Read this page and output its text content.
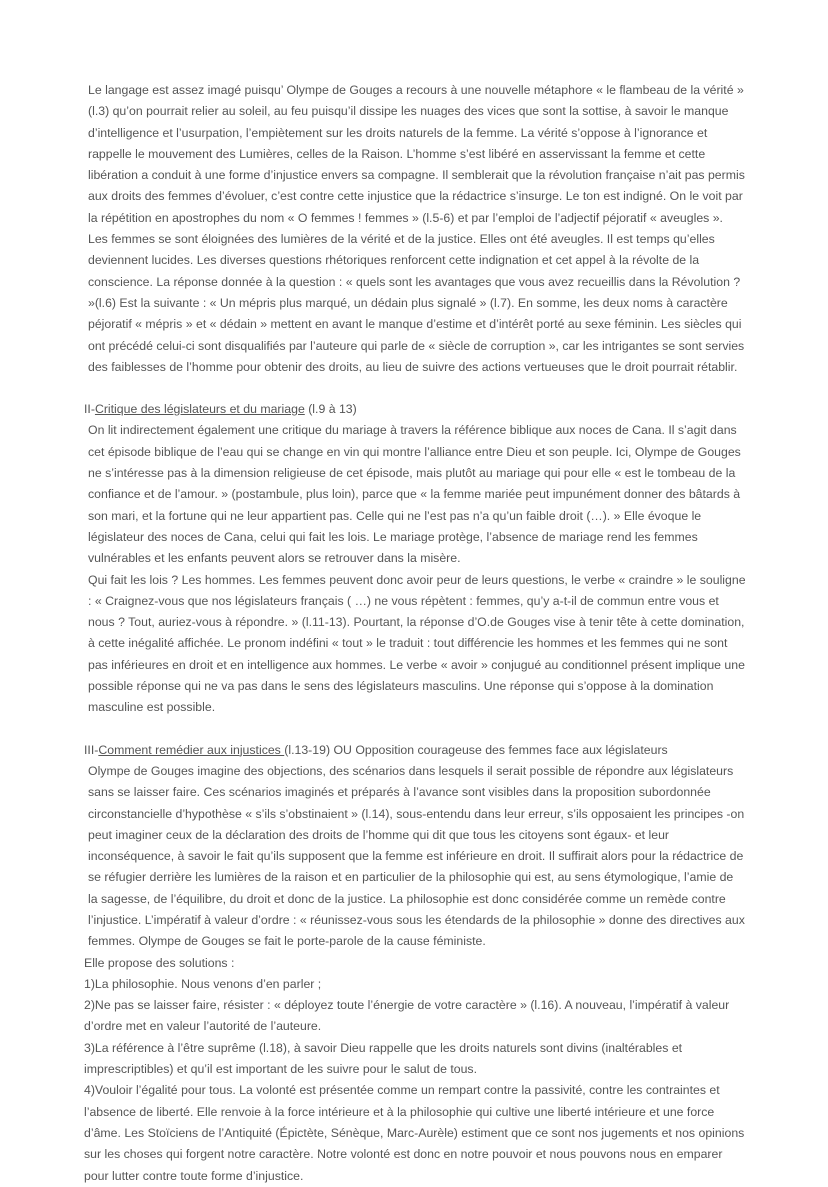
Le langage est assez imagé puisqu’ Olympe de Gouges a recours à une nouvelle métaphore « le flambeau de la vérité » (l.3) qu’on pourrait relier au soleil, au feu puisqu’il dissipe les nuages des vices que sont la sottise, à savoir le manque d’intelligence et l’usurpation, l’empiètement sur les droits naturels de la femme. La vérité s’oppose à l’ignorance et rappelle le mouvement des Lumières, celles de la Raison. L’homme s’est libéré en asservissant la femme et cette libération a conduit à une forme d’injustice envers sa compagne. Il semblerait que la révolution française n’ait pas permis aux droits des femmes d’évoluer, c’est contre cette injustice que la rédactrice s’insurge. Le ton est indigné. On le voit par la répétition en apostrophes du nom « O femmes ! femmes » (l.5-6) et par l’emploi de l’adjectif péjoratif « aveugles ». Les femmes se sont éloignées des lumières de la vérité et de la justice. Elles ont été aveugles. Il est temps qu’elles deviennent lucides. Les diverses questions rhétoriques renforcent cette indignation et cet appel à la révolte de la conscience. La réponse donnée à la question : « quels sont les avantages que vous avez recueillis dans la Révolution ? »(l.6) Est la suivante : « Un mépris plus marqué, un dédain plus signalé » (l.7). En somme, les deux noms à caractère péjoratif « mépris » et « dédain » mettent en avant le manque d’estime et d’intérêt porté au sexe féminin. Les siècles qui ont précédé celui-ci sont disqualifiés par l’auteure qui parle de « siècle de corruption », car les intrigantes se sont servies des faiblesses de l’homme pour obtenir des droits, au lieu de suivre des actions vertueuses que le droit pourrait rétablir.

II-Critique des législateurs et du mariage (l.9 à 13)

On lit indirectement également une critique du mariage à travers la référence biblique aux noces de Cana. Il s’agit dans cet épisode biblique de l’eau qui se change en vin qui montre l’alliance entre Dieu et son peuple. Ici, Olympe de Gouges ne s’intéresse pas à la dimension religieuse de cet épisode, mais plutôt au mariage qui pour elle « est le tombeau de la confiance et de l’amour. » (postambule, plus loin), parce que « la femme mariée peut impunément donner des bâtards à son mari, et la fortune qui ne leur appartient pas. Celle qui ne l’est pas n’a qu’un faible droit (…). » Elle évoque le législateur des noces de Cana, celui qui fait les lois. Le mariage protège, l’absence de mariage rend les femmes vulnérables et les enfants peuvent alors se retrouver dans la misère.

Qui fait les lois ? Les hommes. Les femmes peuvent donc avoir peur de leurs questions, le verbe « craindre » le souligne : « Craignez-vous que nos législateurs français ( …) ne vous répètent : femmes, qu’y a-t-il de commun entre vous et nous ? Tout, auriez-vous à répondre. » (l.11-13). Pourtant, la réponse d’O.de Gouges vise à tenir tête à cette domination, à cette inégalité affichée. Le pronom indéfini « tout » le traduit : tout différencie les hommes et les femmes qui ne sont pas inférieures en droit et en intelligence aux hommes. Le verbe « avoir » conjugué au conditionnel présent implique une possible réponse qui ne va pas dans le sens des législateurs masculins. Une réponse qui s’oppose à la domination masculine est possible.

III-Comment remédier aux injustices (l.13-19) OU Opposition courageuse des femmes face aux législateurs

Olympe de Gouges imagine des objections, des scénarios dans lesquels il serait possible de répondre aux législateurs sans se laisser faire. Ces scénarios imaginés et préparés à l’avance sont visibles dans la proposition subordonnée circonstancielle d’hypothèse « s’ils s’obstinaient » (l.14), sous-entendu dans leur erreur, s’ils opposaient les principes -on peut imaginer ceux de la déclaration des droits de l’homme qui dit que tous les citoyens sont égaux- et leur inconséquence, à savoir le fait qu’ils supposent que la femme est inférieure en droit. Il suffirait alors pour la rédactrice de se réfugier derrière les lumières de la raison et en particulier de la philosophie qui est, au sens étymologique, l’amie de la sagesse, de l’équilibre, du droit et donc de la justice. La philosophie est donc considérée comme un remède contre l’injustice. L’impératif à valeur d’ordre : « réunissez-vous sous les étendards de la philosophie » donne des directives aux femmes. Olympe de Gouges se fait le porte-parole de la cause féministe.

Elle propose des solutions :

1)La philosophie. Nous venons d’en parler ;

2)Ne pas se laisser faire, résister : « déployez toute l’énergie de votre caractère » (l.16). A nouveau, l’impératif à valeur d’ordre met en valeur l’autorité de l’auteure.

3)La référence à l’être suprême (l.18), à savoir Dieu rappelle que les droits naturels sont divins (inaltérables et imprescriptibles) et qu’il est important de les suivre pour le salut de tous.

4)Vouloir l’égalité pour tous. La volonté est présentée comme un rempart contre la passivité, contre les contraintes et l’absence de liberté. Elle renvoie à la force intérieure et à la philosophie qui cultive une liberté intérieure et une force d’âme. Les Stoïciens de l’Antiquité (Épictète, Sénèque, Marc-Aurèle) estiment que ce sont nos jugements et nos opinions sur les choses qui forgent notre caractère. Notre volonté est donc en notre pouvoir et nous pouvons nous en emparer pour lutter contre toute forme d’injustice.
